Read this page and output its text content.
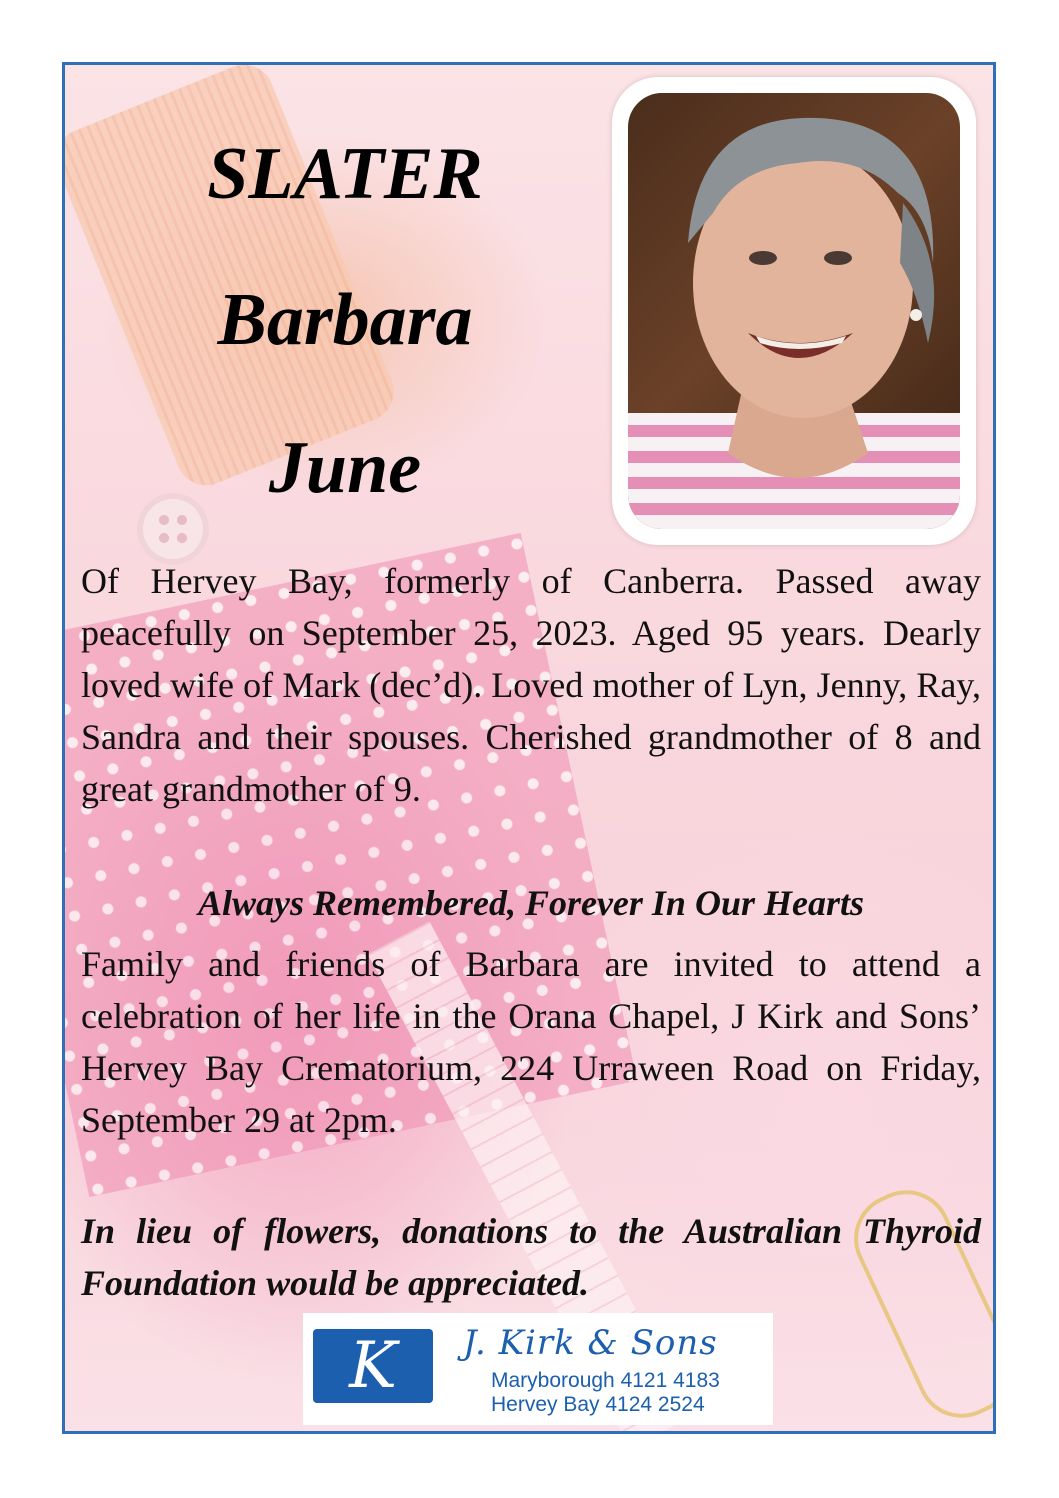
SLATER
Barbara
June

Of Hervey Bay, formerly of Canberra. Passed away peacefully on September 25, 2023. Aged 95 years. Dearly loved wife of Mark (dec’d). Loved mother of Lyn, Jenny, Ray, Sandra and their spouses. Cherished grandmother of 8 and great grandmother of 9.

Always Remembered, Forever In Our Hearts

Family and friends of Barbara are invited to attend a celebration of her life in the Orana Chapel, J Kirk and Sons’ Hervey Bay Crematorium, 224 Urraween Road on Friday, September 29 at 2pm.

In lieu of flowers, donations to the Australian Thyroid Foundation would be appreciated.

K	J. Kirk & Sons
Maryborough 4121 4183
Hervey Bay 4124 2524
